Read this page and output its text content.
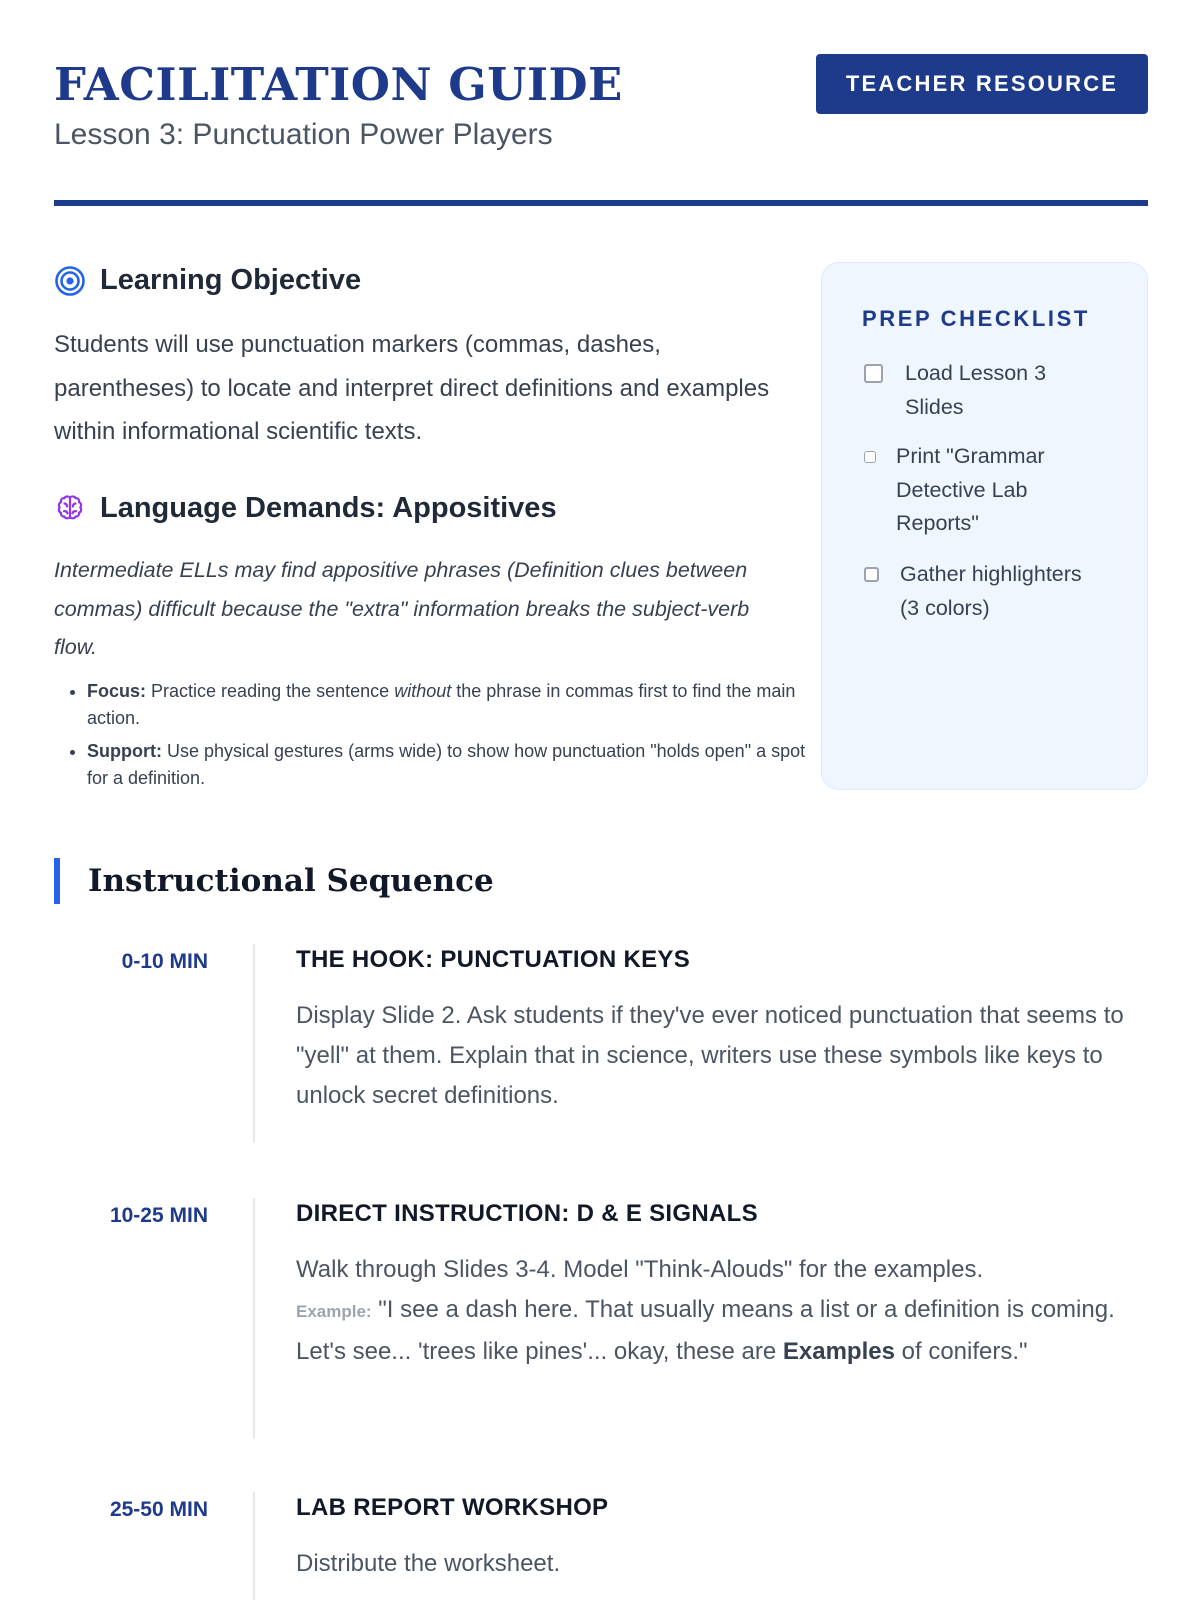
FACILITATION GUIDE
Lesson 3: Punctuation Power Players
TEACHER RESOURCE
Learning Objective
Students will use punctuation markers (commas, dashes, parentheses) to locate and interpret direct definitions and examples within informational scientific texts.
Language Demands: Appositives
Intermediate ELLs may find appositive phrases (Definition clues between commas) difficult because the "extra" information breaks the subject-verb flow.
• Focus: Practice reading the sentence without the phrase in commas first to find the main action.
• Support: Use physical gestures (arms wide) to show how punctuation "holds open" a spot for a definition.
PREP CHECKLIST
Load Lesson 3
Slides
Print "Grammar
Detective Lab
Reports"
Gather highlighters
(3 colors)
Instructional Sequence
0-10 MIN	THE HOOK: PUNCTUATION KEYS
Display Slide 2. Ask students if they've ever noticed punctuation that seems to "yell" at them. Explain that in science, writers use these symbols like keys to unlock secret definitions.
10-25 MIN	DIRECT INSTRUCTION: D & E SIGNALS
Walk through Slides 3-4. Model "Think-Alouds" for the examples.
Example: "I see a dash here. That usually means a list or a definition is coming. Let's see... 'trees like pines'... okay, these are Examples of conifers."
25-50 MIN	LAB REPORT WORKSHOP
Distribute the worksheet.
